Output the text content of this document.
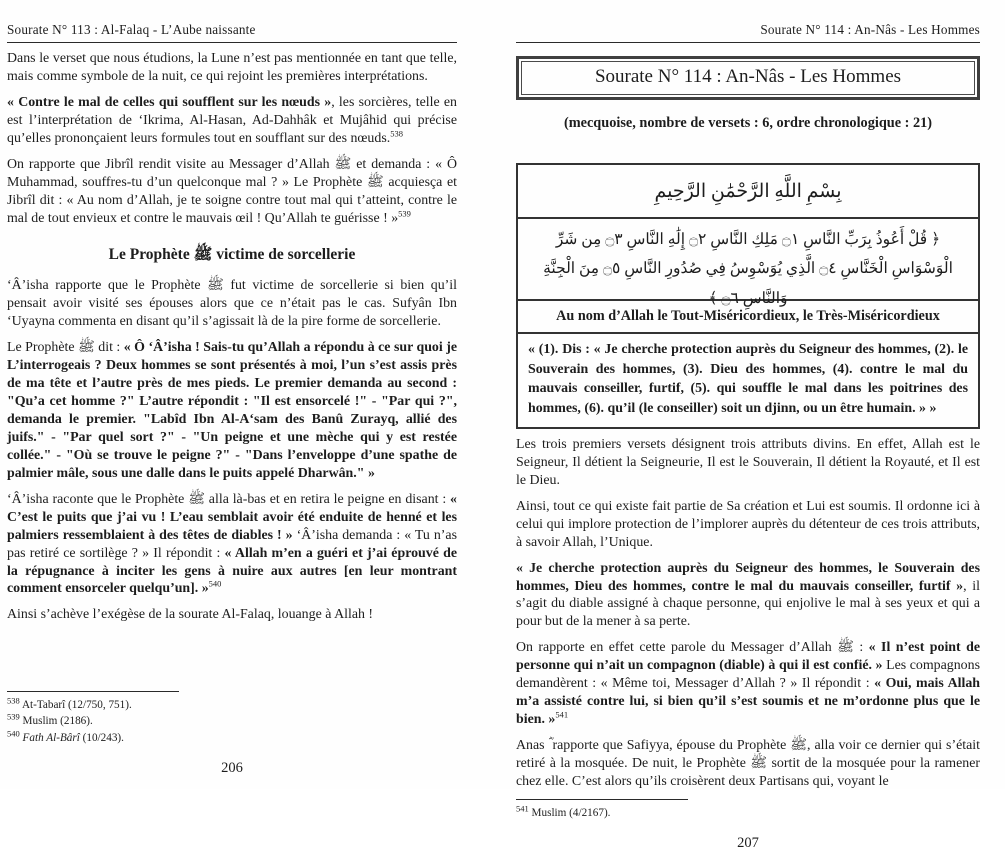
Sourate N° 113 : Al-Falaq - L’Aube naissante

Dans le verset que nous étudions, la Lune n’est pas mentionnée en tant que telle, mais comme symbole de la nuit, ce qui rejoint les premières interprétations.

« Contre le mal de celles qui soufflent sur les nœuds », les sorcières, telle en est l’interprétation de ‘Ikrima, Al-Hasan, Ad-Dahhâk et Mujâhid qui précise qu’elles prononçaient leurs formules tout en soufflant sur des nœuds.$^{538}$

On rapporte que Jibrîl rendit visite au Messager d’Allah ﷺ et demanda : « Ô Muhammad, souffres-tu d’un quelconque mal ? » Le Prophète ﷺ acquiesça et Jibrîl dit : « Au nom d’Allah, je te soigne contre tout mal qui t’atteint, contre le mal de tout envieux et contre le mauvais œil ! Qu’Allah te guérisse ! »$^{539}$

Le Prophète ﷺ victime de sorcellerie

‘Â’isha rapporte que le Prophète ﷺ fut victime de sorcellerie si bien qu’il pensait avoir visité ses épouses alors que ce n’était pas le cas. Sufyân Ibn ‘Uyayna commenta en disant qu’il s’agissait là de la pire forme de sorcellerie.

Le Prophète ﷺ dit : « Ô ‘Â’isha ! Sais-tu qu’Allah a répondu à ce sur quoi je L’interrogeais ? Deux hommes se sont présentés à moi, l’un s’est assis près de ma tête et l’autre près de mes pieds. Le premier demanda au second : "Qu’a cet homme ?" L’autre répondit : "Il est ensorcelé !" - "Par qui ?", demanda le premier. "Labîd Ibn Al-A‘sam des Banû Zurayq, allié des juifs." - "Par quel sort ?" - "Un peigne et une mèche qui y est restée collée." - "Où se trouve le peigne ?" - "Dans l’enveloppe d’une spathe de palmier mâle, sous une dalle dans le puits appelé Dharwân." »

‘Â’isha raconte que le Prophète ﷺ alla là-bas et en retira le peigne en disant : « C’est le puits que j’ai vu ! L’eau semblait avoir été enduite de henné et les palmiers ressemblaient à des têtes de diables ! » ‘Â’isha demanda : « Tu n’as pas retiré ce sortilège ? » Il répondit : « Allah m’en a guéri et j’ai éprouvé de la répugnance à inciter les gens à nuire aux autres [en leur montrant comment ensorceler quelqu’un]. »$^{540}$

Ainsi s’achève l’exégèse de la sourate Al-Falaq, louange à Allah !

$^{538}$ At-Tabarî (12/750, 751).
$^{539}$ Muslim (2186).
$^{540}$ Fath Al-Bârî (10/243).
206
Sourate N° 114 : An-Nâs - Les Hommes
Sourate N° 114 : An-Nâs - Les Hommes
(mecquoise, nombre de versets : 6, ordre chronologique : 21)
بِسْمِ اللَّهِ الرَّحْمَٰنِ الرَّحِيمِ
﴿ قُلْ أَعُوذُ بِرَبِّ النَّاسِ ۝١ مَلِكِ النَّاسِ ۝٢ إِلَٰهِ النَّاسِ ۝٣ مِن شَرِّ الْوَسْوَاسِ الْخَنَّاسِ ۝٤ الَّذِي يُوَسْوِسُ فِي صُدُورِ النَّاسِ ۝٥ مِنَ الْجِنَّةِ وَالنَّاسِ ۝٦ ﴾
Au nom d’Allah le Tout-Miséricordieux, le Très-Miséricordieux
« (1). Dis : « Je cherche protection auprès du Seigneur des hommes, (2). le Souverain des hommes, (3). Dieu des hommes, (4). contre le mal du mauvais conseiller, furtif, (5). qui souffle le mal dans les poitrines des hommes, (6). qu’il (le conseiller) soit un djinn, ou un être humain. » »

Les trois premiers versets désignent trois attributs divins. En effet, Allah est le Seigneur, Il détient la Seigneurie, Il est le Souverain, Il détient la Royauté, et Il est le Dieu.

Ainsi, tout ce qui existe fait partie de Sa création et Lui est soumis. Il ordonne ici à celui qui implore protection de l’implorer auprès du détenteur de ces trois attributs, à savoir Allah, l’Unique.

« Je cherche protection auprès du Seigneur des hommes, le Souverain des hommes, Dieu des hommes, contre le mal du mauvais conseiller, furtif », il s’agit du diable assigné à chaque personne, qui enjolive le mal à ses yeux et qui a pour but de la mener à sa perte.

On rapporte en effet cette parole du Messager d’Allah ﷺ : « Il n’est point de personne qui n’ait un compagnon (diable) à qui il est confié. » Les compagnons demandèrent : « Même toi, Messager d’Allah ? » Il répondit : « Oui, mais Allah m’a assisté contre lui, si bien qu’il s’est soumis et ne m’ordonne plus que le bien. »$^{541}$

Anas ؓ rapporte que Safiyya, épouse du Prophète ﷺ, alla voir ce dernier qui s’était retiré à la mosquée. De nuit, le Prophète ﷺ sortit de la mosquée pour la ramener chez elle. C’est alors qu’ils croisèrent deux Partisans qui, voyant le

$^{541}$ Muslim (4/2167).
207
